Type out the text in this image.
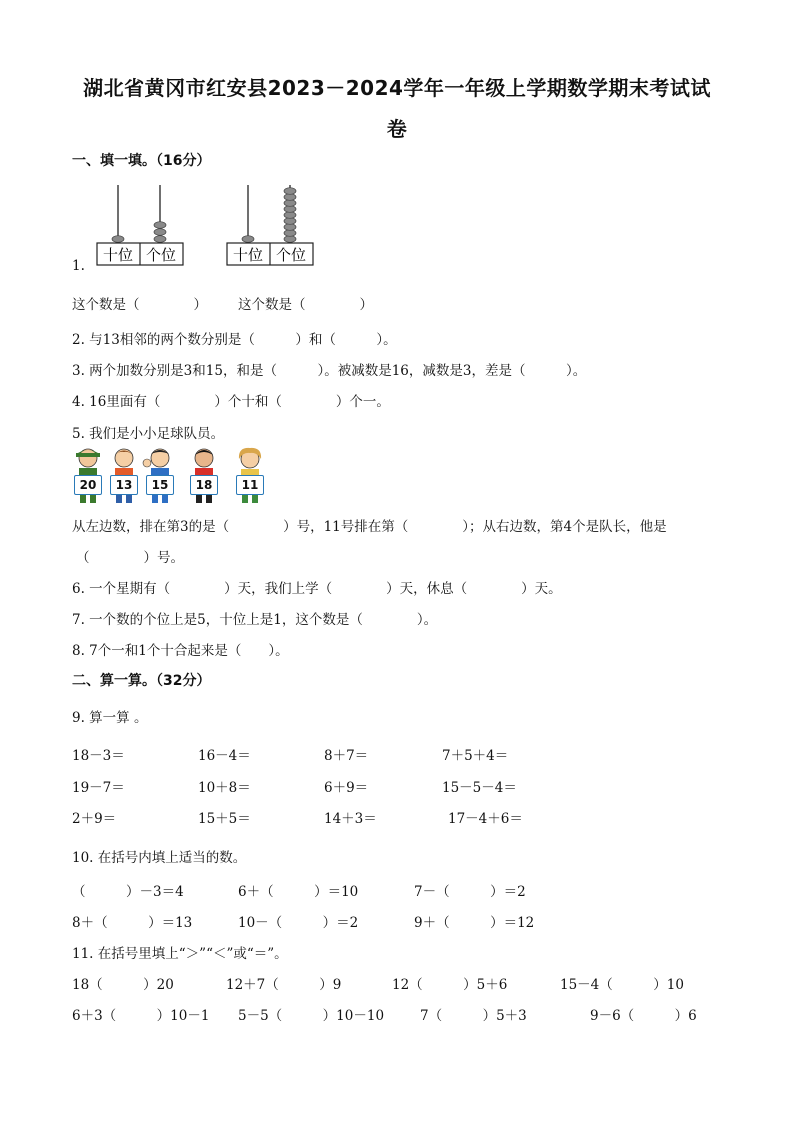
湖北省黄冈市红安县2023－2024学年一年级上学期数学期末考试试
卷
一、填一填。（16分）
十位 个位	十位 个位
1.
这个数是（　　　　） 这个数是（　　　　）
2. 与13相邻的两个数分别是（　　　）和（　　　）。
3. 两个加数分别是3和15，和是（　　　）。被减数是16，减数是3，差是（　　　）。
4. 16里面有（　　　　）个十和（　　　　）个一。
5. 我们是小小足球队员。
20	13	15	18	11
从左边数，排在第3的是（　　　　）号，11号排在第（　　　　）；从右边数，第4个是队长，他是
（　　　　）号。
6. 一个星期有（　　　　）天，我们上学（　　　　）天，休息（　　　　）天。
7. 一个数的个位上是5，十位上是1，这个数是（　　　　）。
8. 7个一和1个十合起来是（　　）。
二、算一算。（32分）
9. 算一算 。
18－3＝	16－4＝	8＋7＝	7＋5＋4＝
19－7＝	10＋8＝	6＋9＝	15－5－4＝
2＋9＝	15＋5＝	14＋3＝	17－4＋6＝
10. 在括号内填上适当的数。
（　　　）－3＝4	6＋（　　　）＝10	7－（　　　）＝2
8＋（　　　）＝13	10－（　　　）＝2	9＋（　　　）＝12
11. 在括号里填上“＞”“＜”或“＝”。
18（　　　）20	12＋7（　　　）9	12（　　　）5＋6	15－4（　　　）10
6＋3（　　　）10－1 5－5（　　　）10－10	7（　　　）5＋3	9－6（　　　）6
